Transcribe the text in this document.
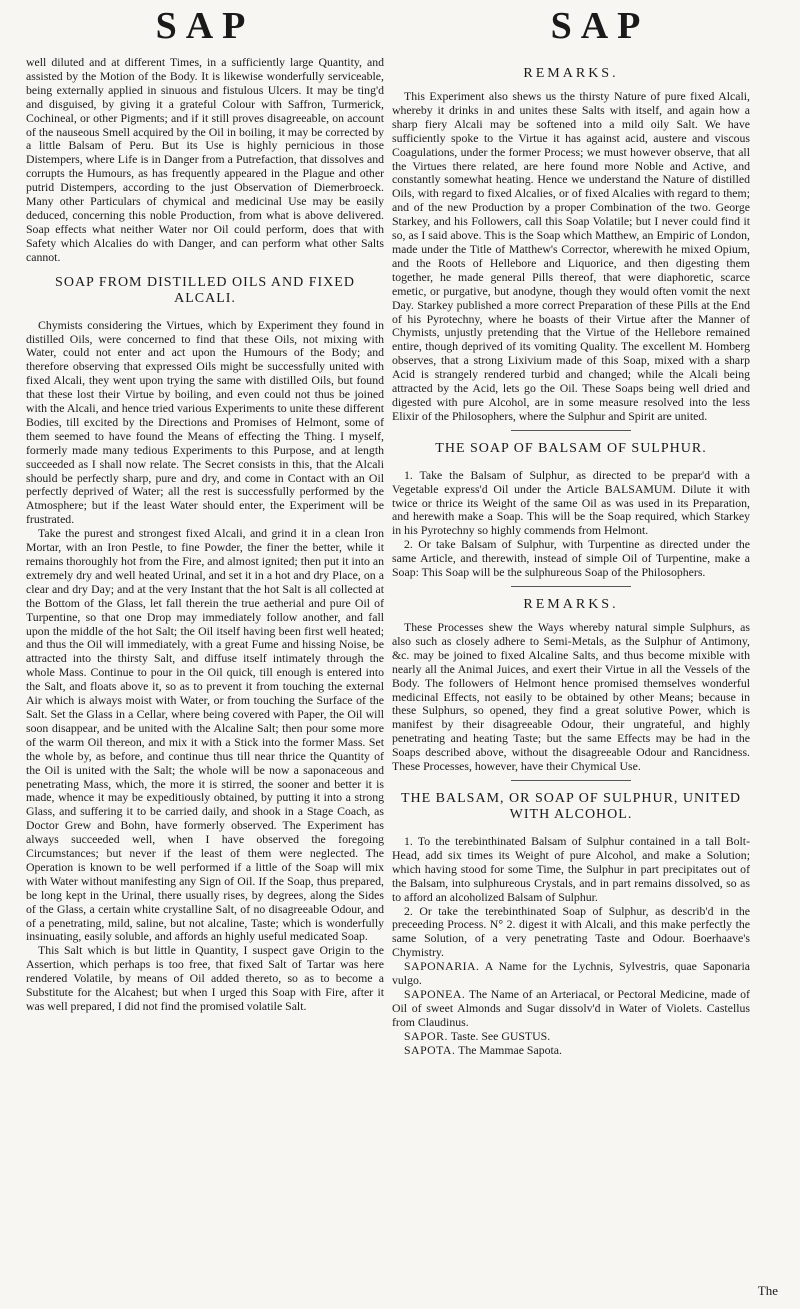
SAP	SAP

well diluted and at different Times, in a sufficiently large Quantity, and assisted by the Motion of the Body. It is likewise wonderfully serviceable, being externally applied in sinuous and fistulous Ulcers. It may be ting'd and disguised, by giving it a grateful Colour with Saffron, Turmerick, Cochineal, or other Pigments; and if it still proves disagreeable, on account of the nauseous Smell acquired by the Oil in boiling, it may be corrected by a little Balsam of Peru. But its Use is highly pernicious in those Distempers, where Life is in Danger from a Putrefaction, that dissolves and corrupts the Humours, as has frequently appeared in the Plague and other putrid Distempers, according to the just Observation of Diemerbroeck. Many other Particulars of chymical and medicinal Use may be easily deduced, concerning this noble Production, from what is above delivered. Soap effects what neither Water nor Oil could perform, does that with Safety which Alcalies do with Danger, and can perform what other Salts cannot.

SOAP FROM DISTILLED OILS AND FIXED ALCALI.

Chymists considering the Virtues, which by Experiment they found in distilled Oils, were concerned to find that these Oils, not mixing with Water, could not enter and act upon the Humours of the Body; and therefore observing that expressed Oils might be successfully united with fixed Alcali, they went upon trying the same with distilled Oils, but found that these lost their Virtue by boiling, and even could not thus be joined with the Alcali, and hence tried various Experiments to unite these different Bodies, till excited by the Directions and Promises of Helmont, some of them seemed to have found the Means of effecting the Thing. I myself, formerly made many tedious Experiments to this Purpose, and at length succeeded as I shall now relate. The Secret consists in this, that the Alcali should be perfectly sharp, pure and dry, and come in Contact with an Oil perfectly deprived of Water; all the rest is successfully performed by the Atmosphere; but if the least Water should enter, the Experiment will be frustrated.

Take the purest and strongest fixed Alcali, and grind it in a clean Iron Mortar, with an Iron Pestle, to fine Powder, the finer the better, while it remains thoroughly hot from the Fire, and almost ignited; then put it into an extremely dry and well heated Urinal, and set it in a hot and dry Place, on a clear and dry Day; and at the very Instant that the hot Salt is all collected at the Bottom of the Glass, let fall therein the true aetherial and pure Oil of Turpentine, so that one Drop may immediately follow another, and fall upon the middle of the hot Salt; the Oil itself having been first well heated; and thus the Oil will immediately, with a great Fume and hissing Noise, be attracted into the thirsty Salt, and diffuse itself intimately through the whole Mass. Continue to pour in the Oil quick, till enough is entered into the Salt, and floats above it, so as to prevent it from touching the external Air which is always moist with Water, or from touching the Surface of the Salt. Set the Glass in a Cellar, where being covered with Paper, the Oil will soon disappear, and be united with the Alcaline Salt; then pour some more of the warm Oil thereon, and mix it with a Stick into the former Mass. Set the whole by, as before, and continue thus till near thrice the Quantity of the Oil is united with the Salt; the whole will be now a saponaceous and penetrating Mass, which, the more it is stirred, the sooner and better it is made, whence it may be expeditiously obtained, by putting it into a strong Glass, and suffering it to be carried daily, and shook in a Stage Coach, as Doctor Grew and Bohn, have formerly observed. The Experiment has always succeeded well, when I have observed the foregoing Circumstances; but never if the least of them were neglected. The Operation is known to be well performed if a little of the Soap will mix with Water without manifesting any Sign of Oil. If the Soap, thus prepared, be long kept in the Urinal, there usually rises, by degrees, along the Sides of the Glass, a certain white crystalline Salt, of no disagreeable Odour, and of a penetrating, mild, saline, but not alcaline, Taste; which is wonderfully insinuating, easily soluble, and affords an highly useful medicated Soap.

This Salt which is but little in Quantity, I suspect gave Origin to the Assertion, which perhaps is too free, that fixed Salt of Tartar was here rendered Volatile, by means of Oil added thereto, so as to become a Substitute for the Alcahest; but when I urged this Soap with Fire, after it was well prepared, I did not find the promised volatile Salt.

REMARKS.

This Experiment also shews us the thirsty Nature of pure fixed Alcali, whereby it drinks in and unites these Salts with itself, and again how a sharp fiery Alcali may be softened into a mild oily Salt. We have sufficiently spoke to the Virtue it has against acid, austere and viscous Coagulations, under the former Process; we must however observe, that all the Virtues there related, are here found more Noble and Active, and constantly somewhat heating. Hence we understand the Nature of distilled Oils, with regard to fixed Alcalies, or of fixed Alcalies with regard to them; and of the new Production by a proper Combination of the two. George Starkey, and his Followers, call this Soap Volatile; but I never could find it so, as I said above. This is the Soap which Matthew, an Empiric of London, made under the Title of Matthew's Corrector, wherewith he mixed Opium, and the Roots of Hellebore and Liquorice, and then digesting them together, he made general Pills thereof, that were diaphoretic, scarce emetic, or purgative, but anodyne, though they would often vomit the next Day. Starkey published a more correct Preparation of these Pills at the End of his Pyrotechny, where he boasts of their Virtue after the Manner of Chymists, unjustly pretending that the Virtue of the Hellebore remained entire, though deprived of its vomiting Quality. The excellent M. Homberg observes, that a strong Lixivium made of this Soap, mixed with a sharp Acid is strangely rendered turbid and changed; while the Alcali being attracted by the Acid, lets go the Oil. These Soaps being well dried and digested with pure Alcohol, are in some measure resolved into the less Elixir of the Philosophers, where the Sulphur and Spirit are united.

THE SOAP OF BALSAM OF SULPHUR.

1. Take the Balsam of Sulphur, as directed to be prepar'd with a Vegetable express'd Oil under the Article BALSAMUM. Dilute it with twice or thrice its Weight of the same Oil as was used in its Preparation, and herewith make a Soap. This will be the Soap required, which Starkey in his Pyrotechny so highly commends from Helmont.

2. Or take Balsam of Sulphur, with Turpentine as directed under the same Article, and therewith, instead of simple Oil of Turpentine, make a Soap: This Soap will be the sulphureous Soap of the Philosophers.

REMARKS.

These Processes shew the Ways whereby natural simple Sulphurs, as also such as closely adhere to Semi-Metals, as the Sulphur of Antimony, &c. may be joined to fixed Alcaline Salts, and thus become mixible with nearly all the Animal Juices, and exert their Virtue in all the Vessels of the Body. The followers of Helmont hence promised themselves wonderful medicinal Effects, not easily to be obtained by other Means; because in these Sulphurs, so opened, they find a great solutive Power, which is manifest by their disagreeable Odour, their ungrateful, and highly penetrating and heating Taste; but the same Effects may be had in the Soaps described above, without the disagreeable Odour and Rancidness. These Processes, however, have their Chymical Use.

THE BALSAM, OR SOAP OF SULPHUR, UNITED WITH ALCOHOL.

1. To the terebinthinated Balsam of Sulphur contained in a tall Bolt-Head, add six times its Weight of pure Alcohol, and make a Solution; which having stood for some Time, the Sulphur in part precipitates out of the Balsam, into sulphureous Crystals, and in part remains dissolved, so as to afford an alcoholized Balsam of Sulphur.

2. Or take the terebinthinated Soap of Sulphur, as describ'd in the preceeding Process. N° 2. digest it with Alcali, and this make perfectly the same Solution, of a very penetrating Taste and Odour. Boerhaave's Chymistry.

SAPONARIA. A Name for the Lychnis, Sylvestris, quae Saponaria vulgo.

SAPONEA. The Name of an Arteriacal, or Pectoral Medicine, made of Oil of sweet Almonds and Sugar dissolv'd in Water of Violets. Castellus from Claudinus.

SAPOR. Taste. See GUSTUS.

SAPOTA. The Mammae Sapota.

The
